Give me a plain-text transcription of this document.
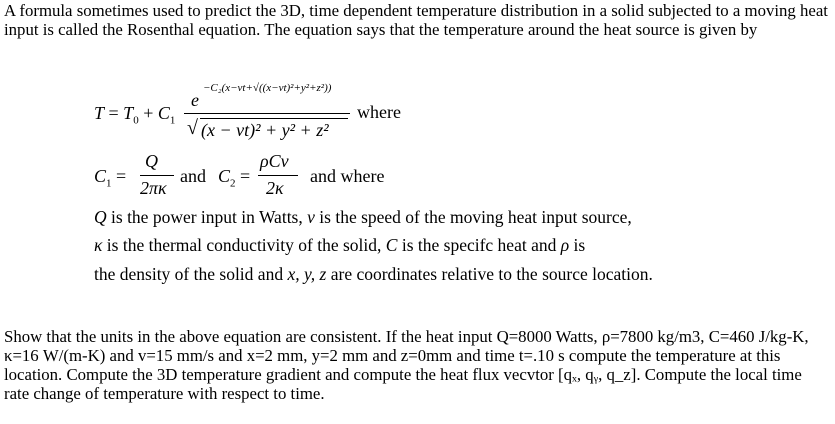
A formula sometimes used to predict the 3D, time dependent temperature distribution in a solid subjected to a moving heat input is called the Rosenthal equation. The equation says that the temperature around the heat source is given by
$T = T_0 + C_1$
e
−C₂(x−vt+√((x−vt)²+y²+z²))
√ (x − vt)² + y² + z²
where
$C_1$ =
Q
2πκ
and $C_2$ =
ρCv
2κ
and where
Q is the power input in Watts, v is the speed of the moving heat input source,
κ is the thermal conductivity of the solid, C is the specifc heat and ρ is
the density of the solid and x, y, z are coordinates relative to the source location.
Show that the units in the above equation are consistent. If the heat input Q=8000 Watts, ρ=7800 kg/m3, C=460 J/kg-K, κ=16 W/(m-K) and v=15 mm/s and x=2 mm, y=2 mm and z=0mm and time t=.10 s compute the temperature at this location. Compute the 3D temperature gradient and compute the heat flux vecvtor [qₓ, qᵧ, q_z]. Compute the local time rate change of temperature with respect to time.
